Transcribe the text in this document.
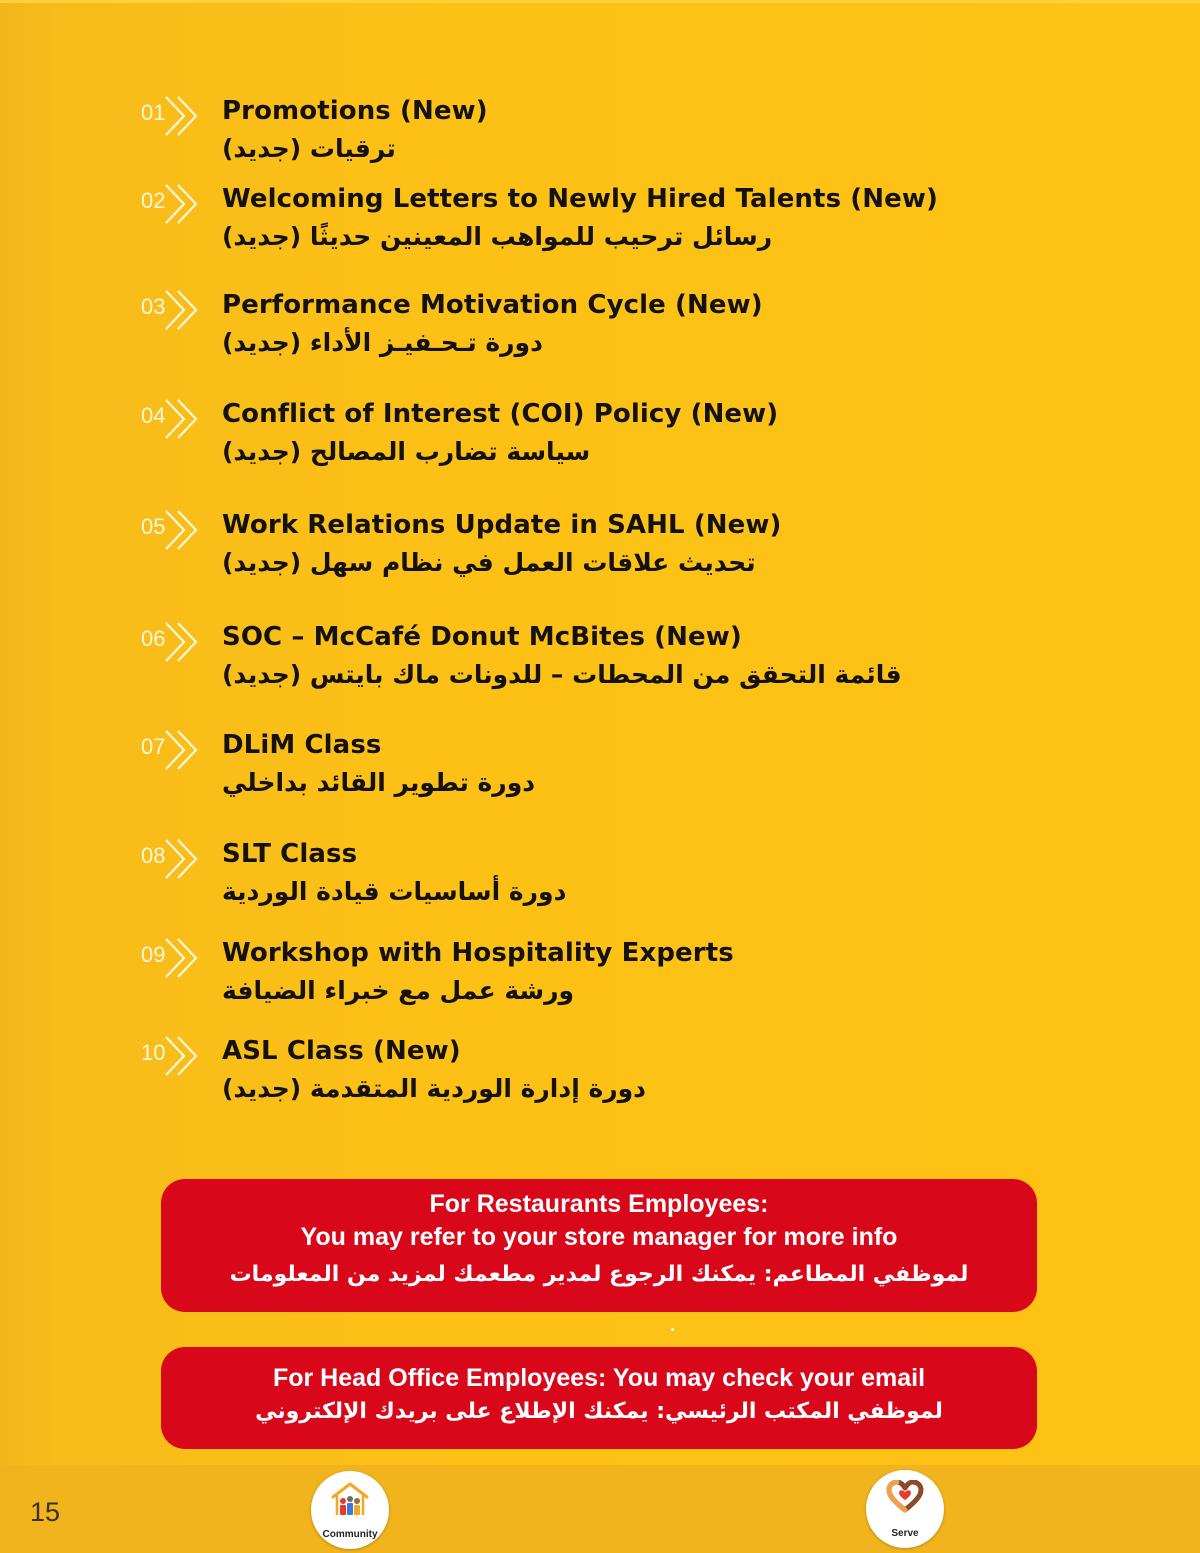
01	Promotions (New)
ترقيات (جديد)
02	Welcoming Letters to Newly Hired Talents (New)
رسائل ترحيب للمواهب المعينين حديثًا (جديد)
03	Performance Motivation Cycle (New)
دورة تـحـفيـز الأداء (جديد)
04	Conflict of Interest (COI) Policy (New)
سياسة تضارب المصالح (جديد)
05	Work Relations Update in SAHL (New)
تحديث علاقات العمل في نظام سهل (جديد)
06	SOC – McCafé Donut McBites (New)
قائمة التحقق من المحطات – للدونات ماك بايتس (جديد)
07	DLiM Class
دورة تطوير القائد بداخلي
08	SLT Class
دورة أساسيات قيادة الوردية
09	Workshop with Hospitality Experts
ورشة عمل مع خبراء الضيافة
10	ASL Class (New)
دورة إدارة الوردية المتقدمة (جديد)
For Restaurants Employees:
You may refer to your store manager for more info
لموظفي المطاعم: يمكنك الرجوع لمدير مطعمك لمزيد من المعلومات
For Head Office Employees: You may check your email
لموظفي المكتب الرئيسي: يمكنك الإطلاع على بريدك الإلكتروني
15
Community	Serve
